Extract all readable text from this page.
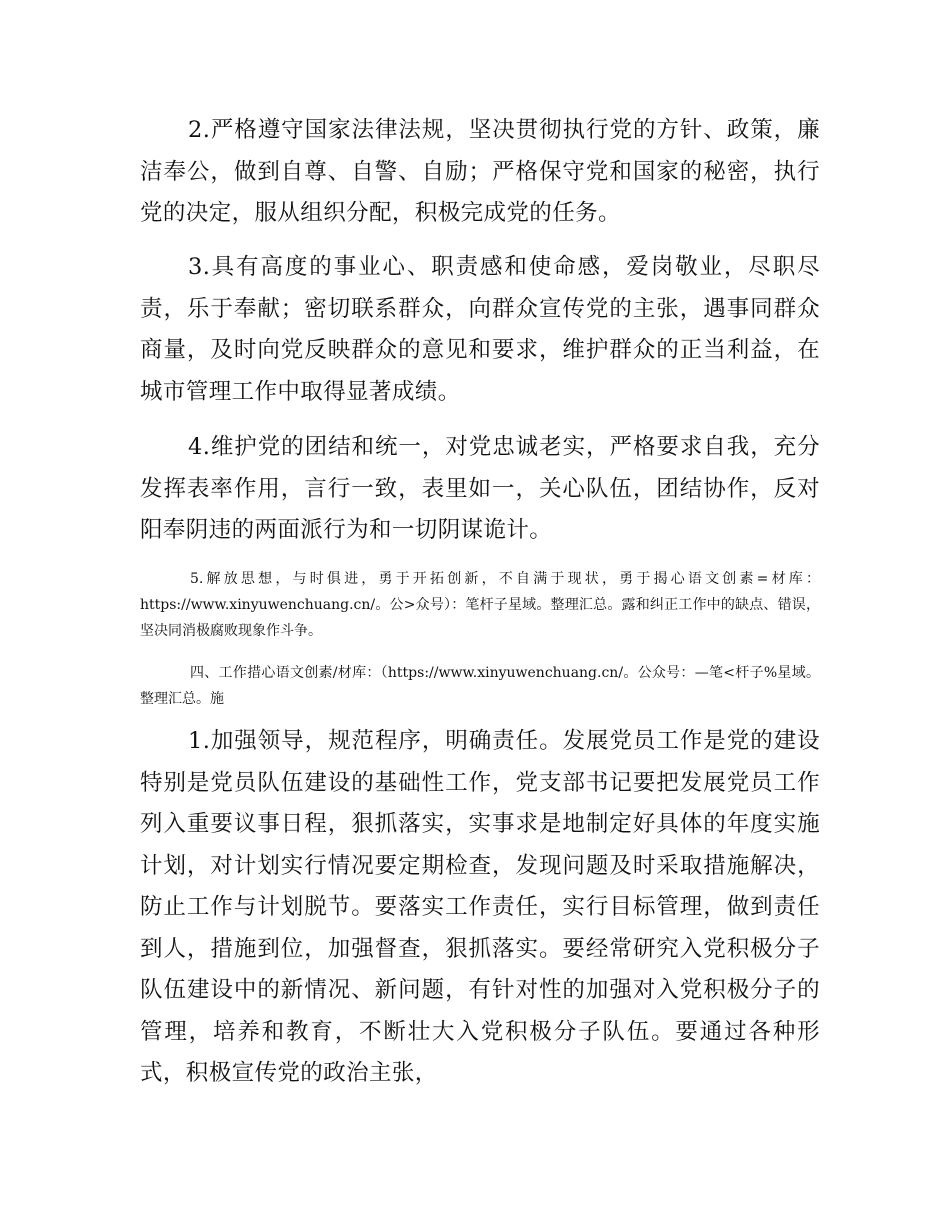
2.严格遵守国家法律法规，坚决贯彻执行党的方针、政策，廉洁奉公，做到自尊、自警、自励；严格保守党和国家的秘密，执行党的决定，服从组织分配，积极完成党的任务。

3.具有高度的事业心、职责感和使命感，爱岗敬业，尽职尽责，乐于奉献；密切联系群众，向群众宣传党的主张，遇事同群众商量，及时向党反映群众的意见和要求，维护群众的正当利益，在城市管理工作中取得显著成绩。

4.维护党的团结和统一，对党忠诚老实，严格要求自我，充分发挥表率作用，言行一致，表里如一，关心队伍，团结协作，反对阳奉阴违的两面派行为和一切阴谋诡计。

5.解放思想，与时俱进，勇于开拓创新，不自满于现状，勇于揭心语文创素=材库：https://www.xinyuwenchuang.cn/。公>众号）：笔杆子星域。整理汇总。露和纠正工作中的缺点、错误，坚决同消极腐败现象作斗争。

四、工作措心语文创素/材库：（https://www.xinyuwenchuang.cn/。公众号：—笔<杆子%星域。整理汇总。施

1.加强领导，规范程序，明确责任。发展党员工作是党的建设特别是党员队伍建设的基础性工作，党支部书记要把发展党员工作列入重要议事日程，狠抓落实，实事求是地制定好具体的年度实施计划，对计划实行情况要定期检查，发现问题及时采取措施解决，防止工作与计划脱节。要落实工作责任，实行目标管理，做到责任到人，措施到位，加强督查，狠抓落实。要经常研究入党积极分子队伍建设中的新情况、新问题，有针对性的加强对入党积极分子的管理，培养和教育，不断壮大入党积极分子队伍。要通过各种形式，积极宣传党的政治主张，
